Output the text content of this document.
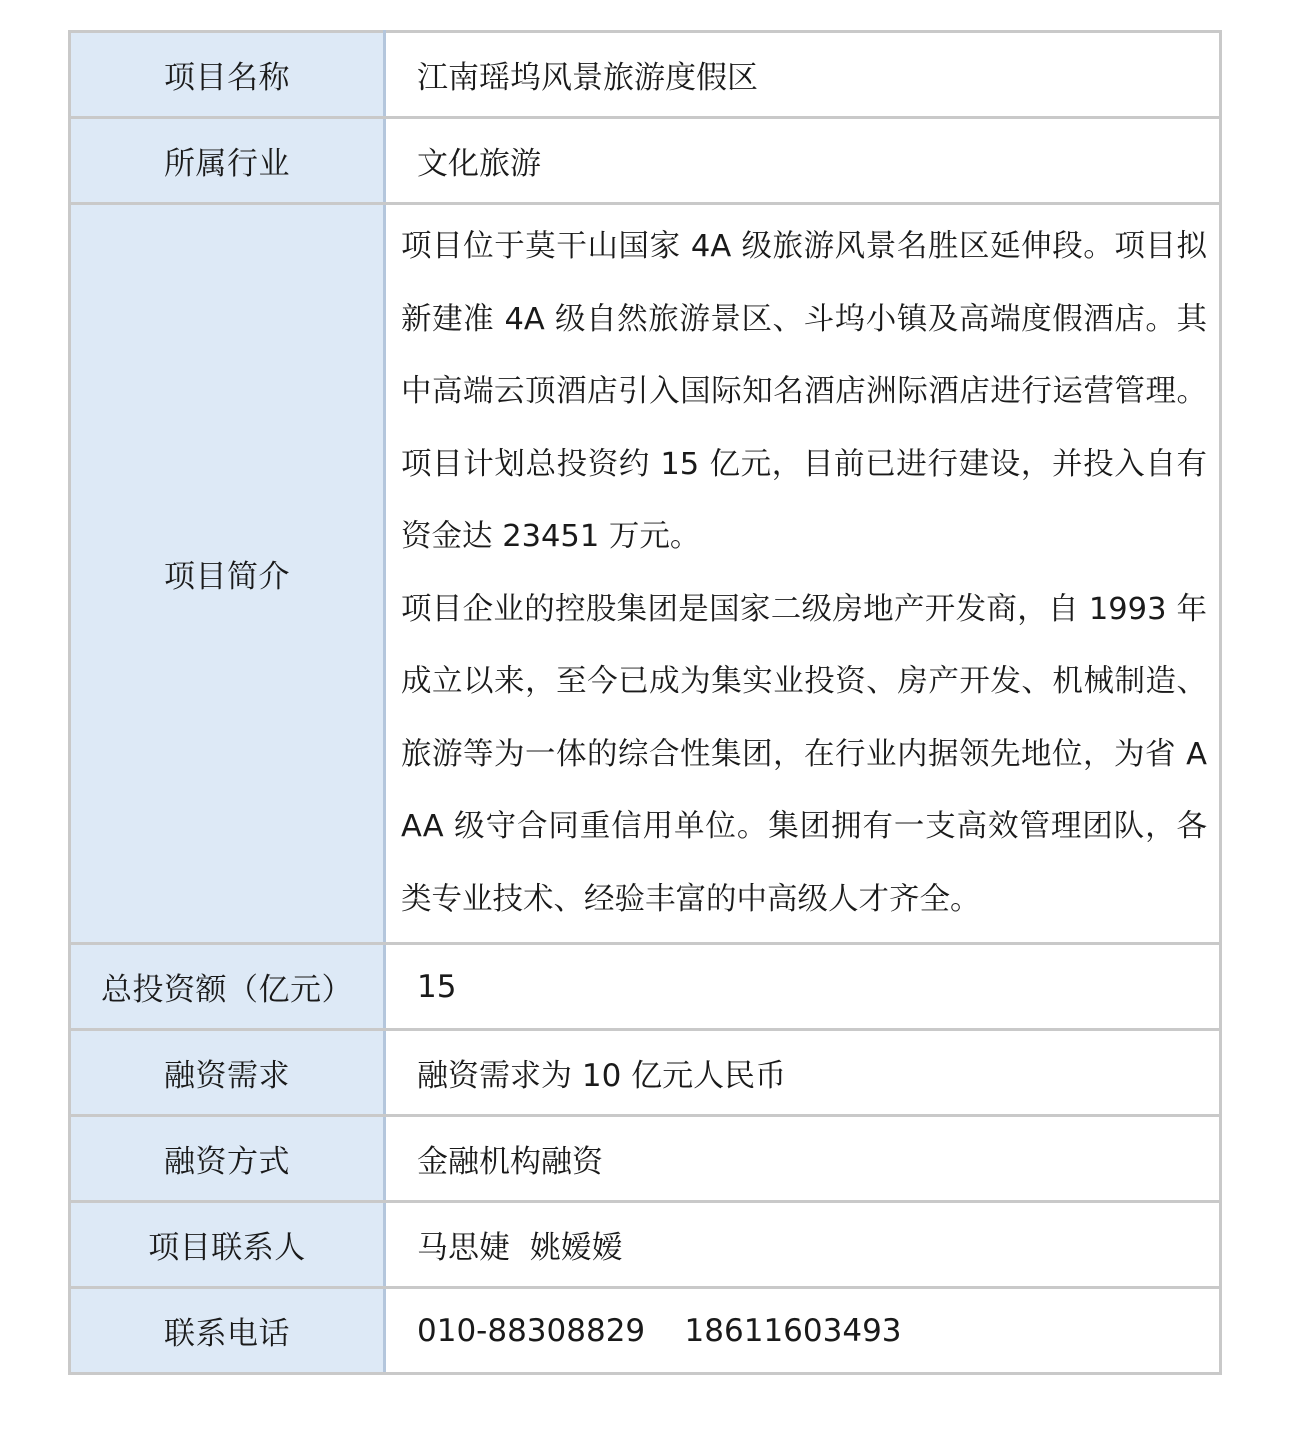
项目名称	江南瑶坞风景旅游度假区
所属行业	文化旅游
项目简介	项目位于莫干山国家 4A 级旅游风景名胜区延伸段。项目拟新建准 4A 级自然旅游景区、斗坞小镇及高端度假酒店。其中高端云顶酒店引入国际知名酒店洲际酒店进行运营管理。项目计划总投资约 15 亿元，目前已进行建设，并投入自有资金达 23451 万元。

项目企业的控股集团是国家二级房地产开发商，自 1993 年成立以来，至今已成为集实业投资、房产开发、机械制造、旅游等为一体的综合性集团，在行业内据领先地位，为省 AAA 级守合同重信用单位。集团拥有一支高效管理团队，各类专业技术、经验丰富的中高级人才齐全。

总投资额（亿元）	15
融资需求	融资需求为 10 亿元人民币
融资方式	金融机构融资
项目联系人	马思婕  姚嫒嫒
联系电话	010-88308829    18611603493
